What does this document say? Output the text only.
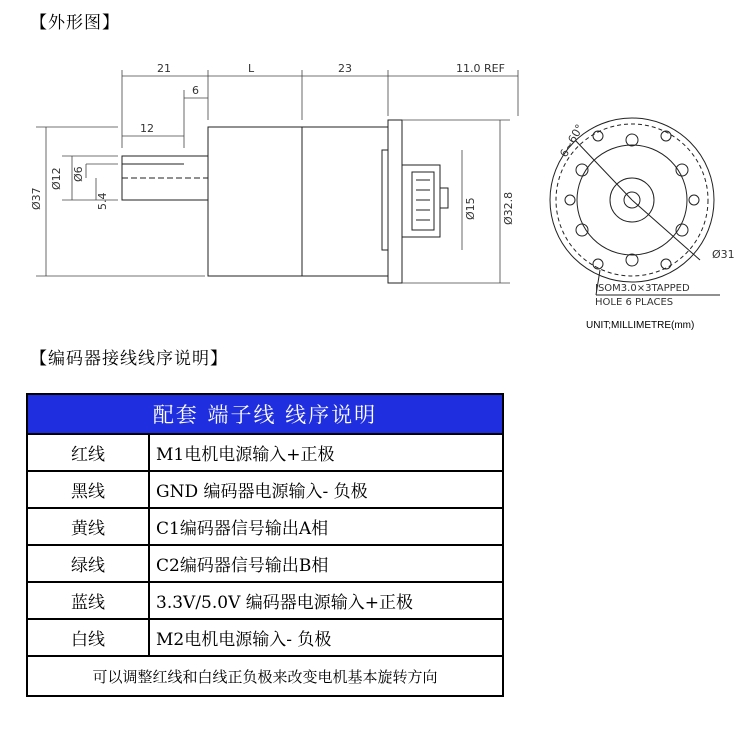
【外形图】
21	L	23	11.0 REF
6
12
Ø12 Ø6
5.4
Ø37	Ø15 Ø32.8
6~60°
Ø31
ISOM3.0×3TAPPED
HOLE 6 PLACES
UNIT;MILLIMETRE(mm)
【编码器接线线序说明】
配套 端子线 线序说明	
红线	M1电机电源输入+正极
黑线	GND 编码器电源输入- 负极
黄线	C1编码器信号输出A相
绿线	C2编码器信号输出B相
蓝线	3.3V/5.0V 编码器电源输入+正极
白线	M2电机电源输入- 负极
可以调整红线和白线正负极来改变电机基本旋转方向	
